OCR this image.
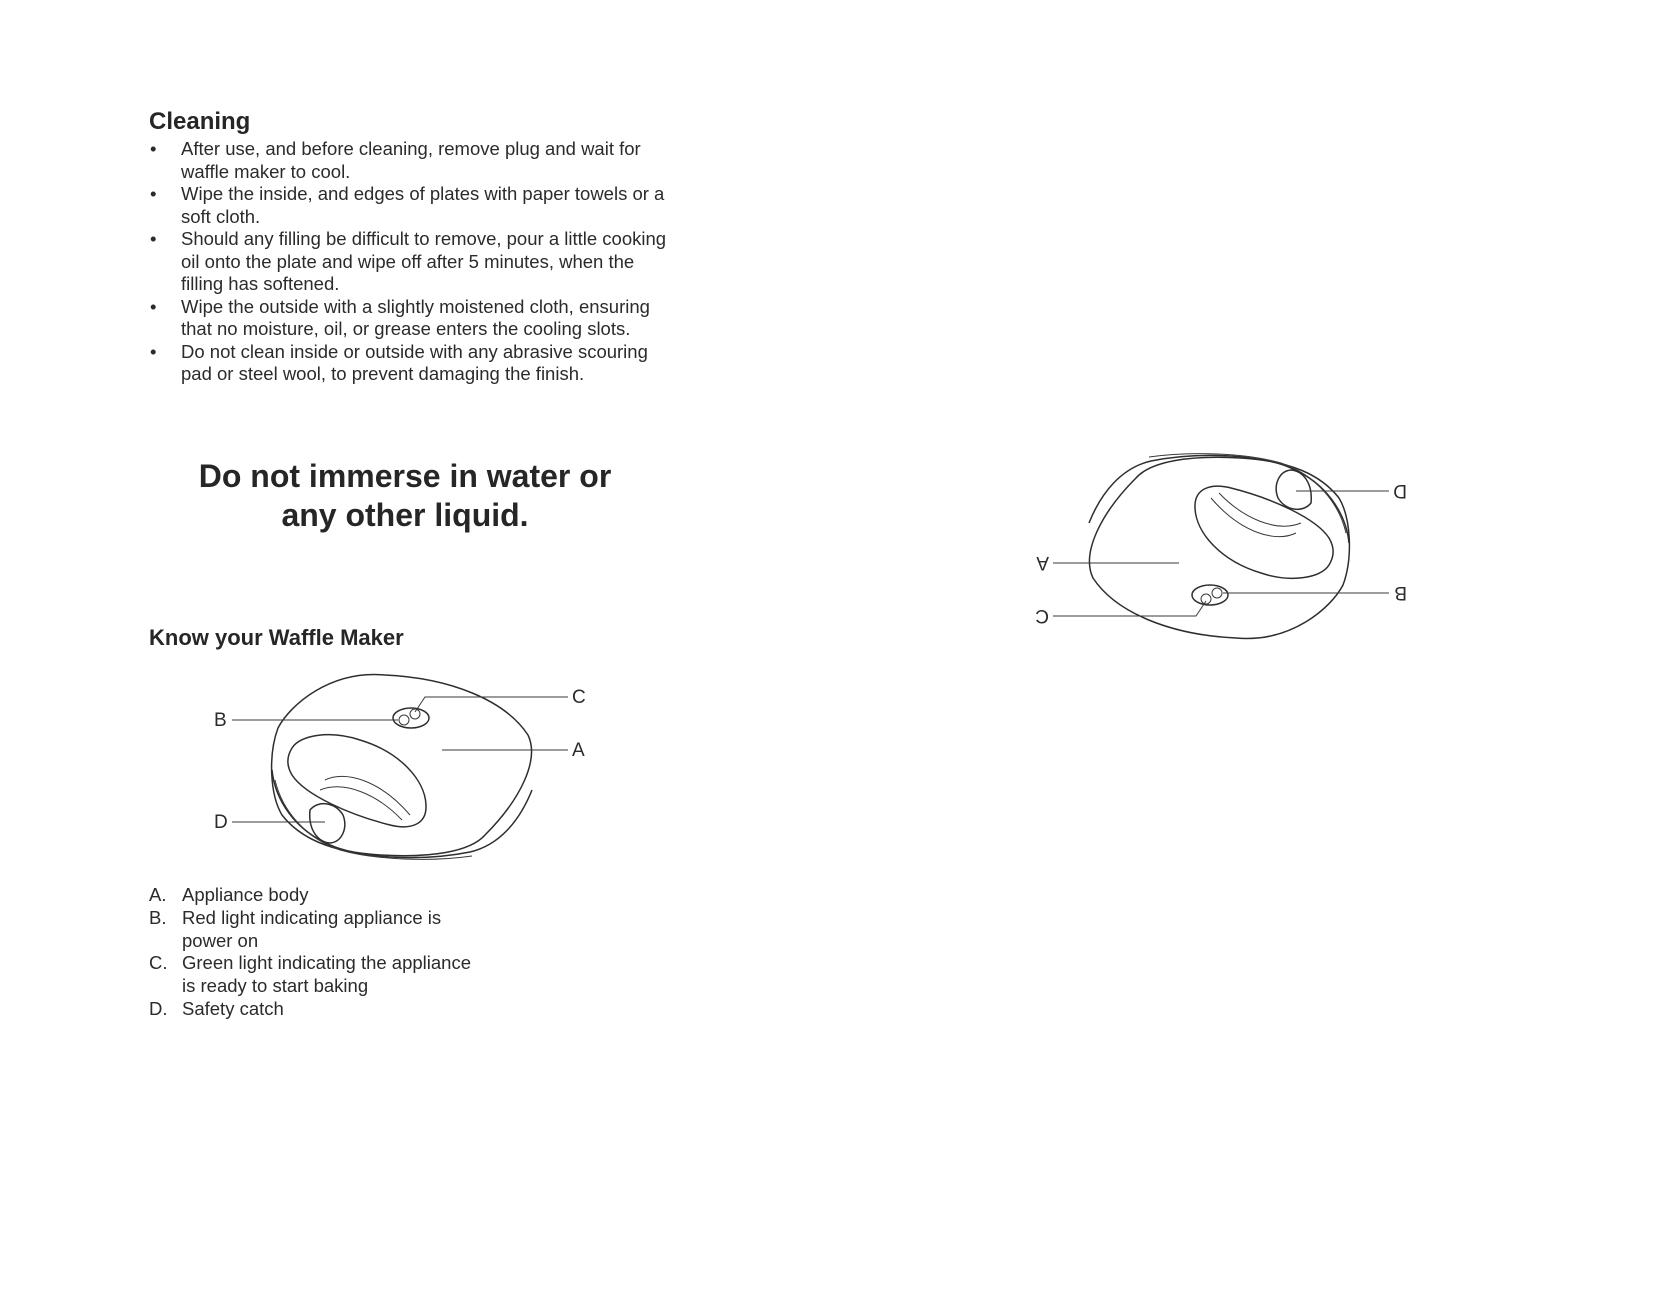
Cleaning
• After use, and before cleaning, remove plug and wait for waffle maker to cool.
• Wipe the inside, and edges of plates with paper towels or a soft cloth.
• Should any filling be difficult to remove, pour a little cooking oil onto the plate and wipe off after 5 minutes, when the filling has softened.
• Wipe the outside with a slightly moistened cloth, ensuring that no moisture, oil, or grease enters the cooling slots.
• Do not clean inside or outside with any abrasive scouring pad or steel wool, to prevent damaging the finish.
Do not immerse in water or
any other liquid.
Know your Waffle Maker
B
C
A
D
A. Appliance body
B. Red light indicating appliance is power on
C. Green light indicating the appliance is ready to start baking
D. Safety catch
B
C
A
D
